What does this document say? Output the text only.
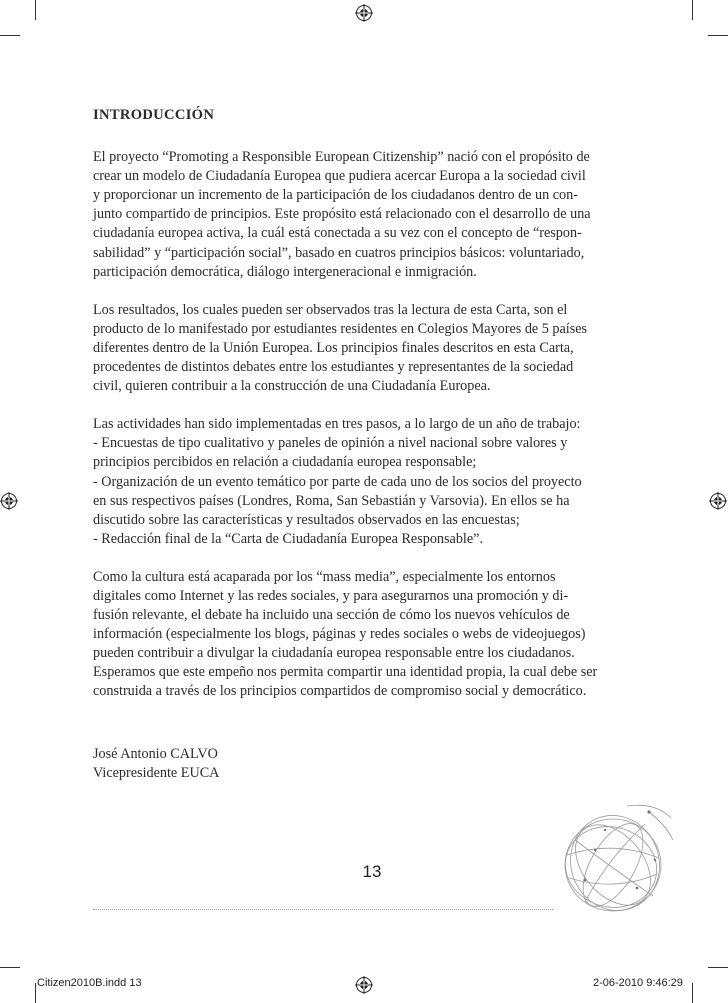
INTRODUCCIÓN
El proyecto “Promoting a Responsible European Citizenship” nació con el propósito de
crear un modelo de Ciudadanía Europea que pudiera acercar Europa a la sociedad civil
y proporcionar un incremento de la participación de los ciudadanos dentro de un con-
junto compartido de principios. Este propósito está relacionado con el desarrollo de una
ciudadanía europea activa, la cuál está conectada a su vez con el concepto de “respon-
sabilidad” y “participación social”, basado en cuatros principios básicos: voluntariado,
participación democrática, diálogo intergeneracional e inmigración.
Los resultados, los cuales pueden ser observados tras la lectura de esta Carta, son el
producto de lo manifestado por estudiantes residentes en Colegios Mayores de 5 países
diferentes dentro de la Unión Europea. Los principios finales descritos en esta Carta,
procedentes de distintos debates entre los estudiantes y representantes de la sociedad
civil, quieren contribuir a la construcción de una Ciudadanía Europea.
Las actividades han sido implementadas en tres pasos, a lo largo de un año de trabajo:
- Encuestas de tipo cualitativo y paneles de opinión a nivel nacional sobre valores y
principios percibidos en relación a ciudadanía europea responsable;
- Organización de un evento temático por parte de cada uno de los socios del proyecto
en sus respectivos países (Londres, Roma, San Sebastián y Varsovia). En ellos se ha
discutido sobre las características y resultados observados en las encuestas;
- Redacción final de la “Carta de Ciudadanía Europea Responsable”.
Como la cultura está acaparada por los “mass media”, especialmente los entornos
digitales como Internet y las redes sociales, y para asegurarnos una promoción y di-
fusión relevante, el debate ha incluido una sección de cómo los nuevos vehículos de
información (especialmente los blogs, páginas y redes sociales o webs de videojuegos)
pueden contribuir a divulgar la ciudadanía europea responsable entre los ciudadanos.
Esperamos que este empeño nos permita compartir una identidad propia, la cual debe ser
construida a través de los principios compartidos de compromiso social y democrático.
José Antonio CALVO
Vicepresidente EUCA
13
Citizen2010B.indd 13	2-06-2010 9:46:29
